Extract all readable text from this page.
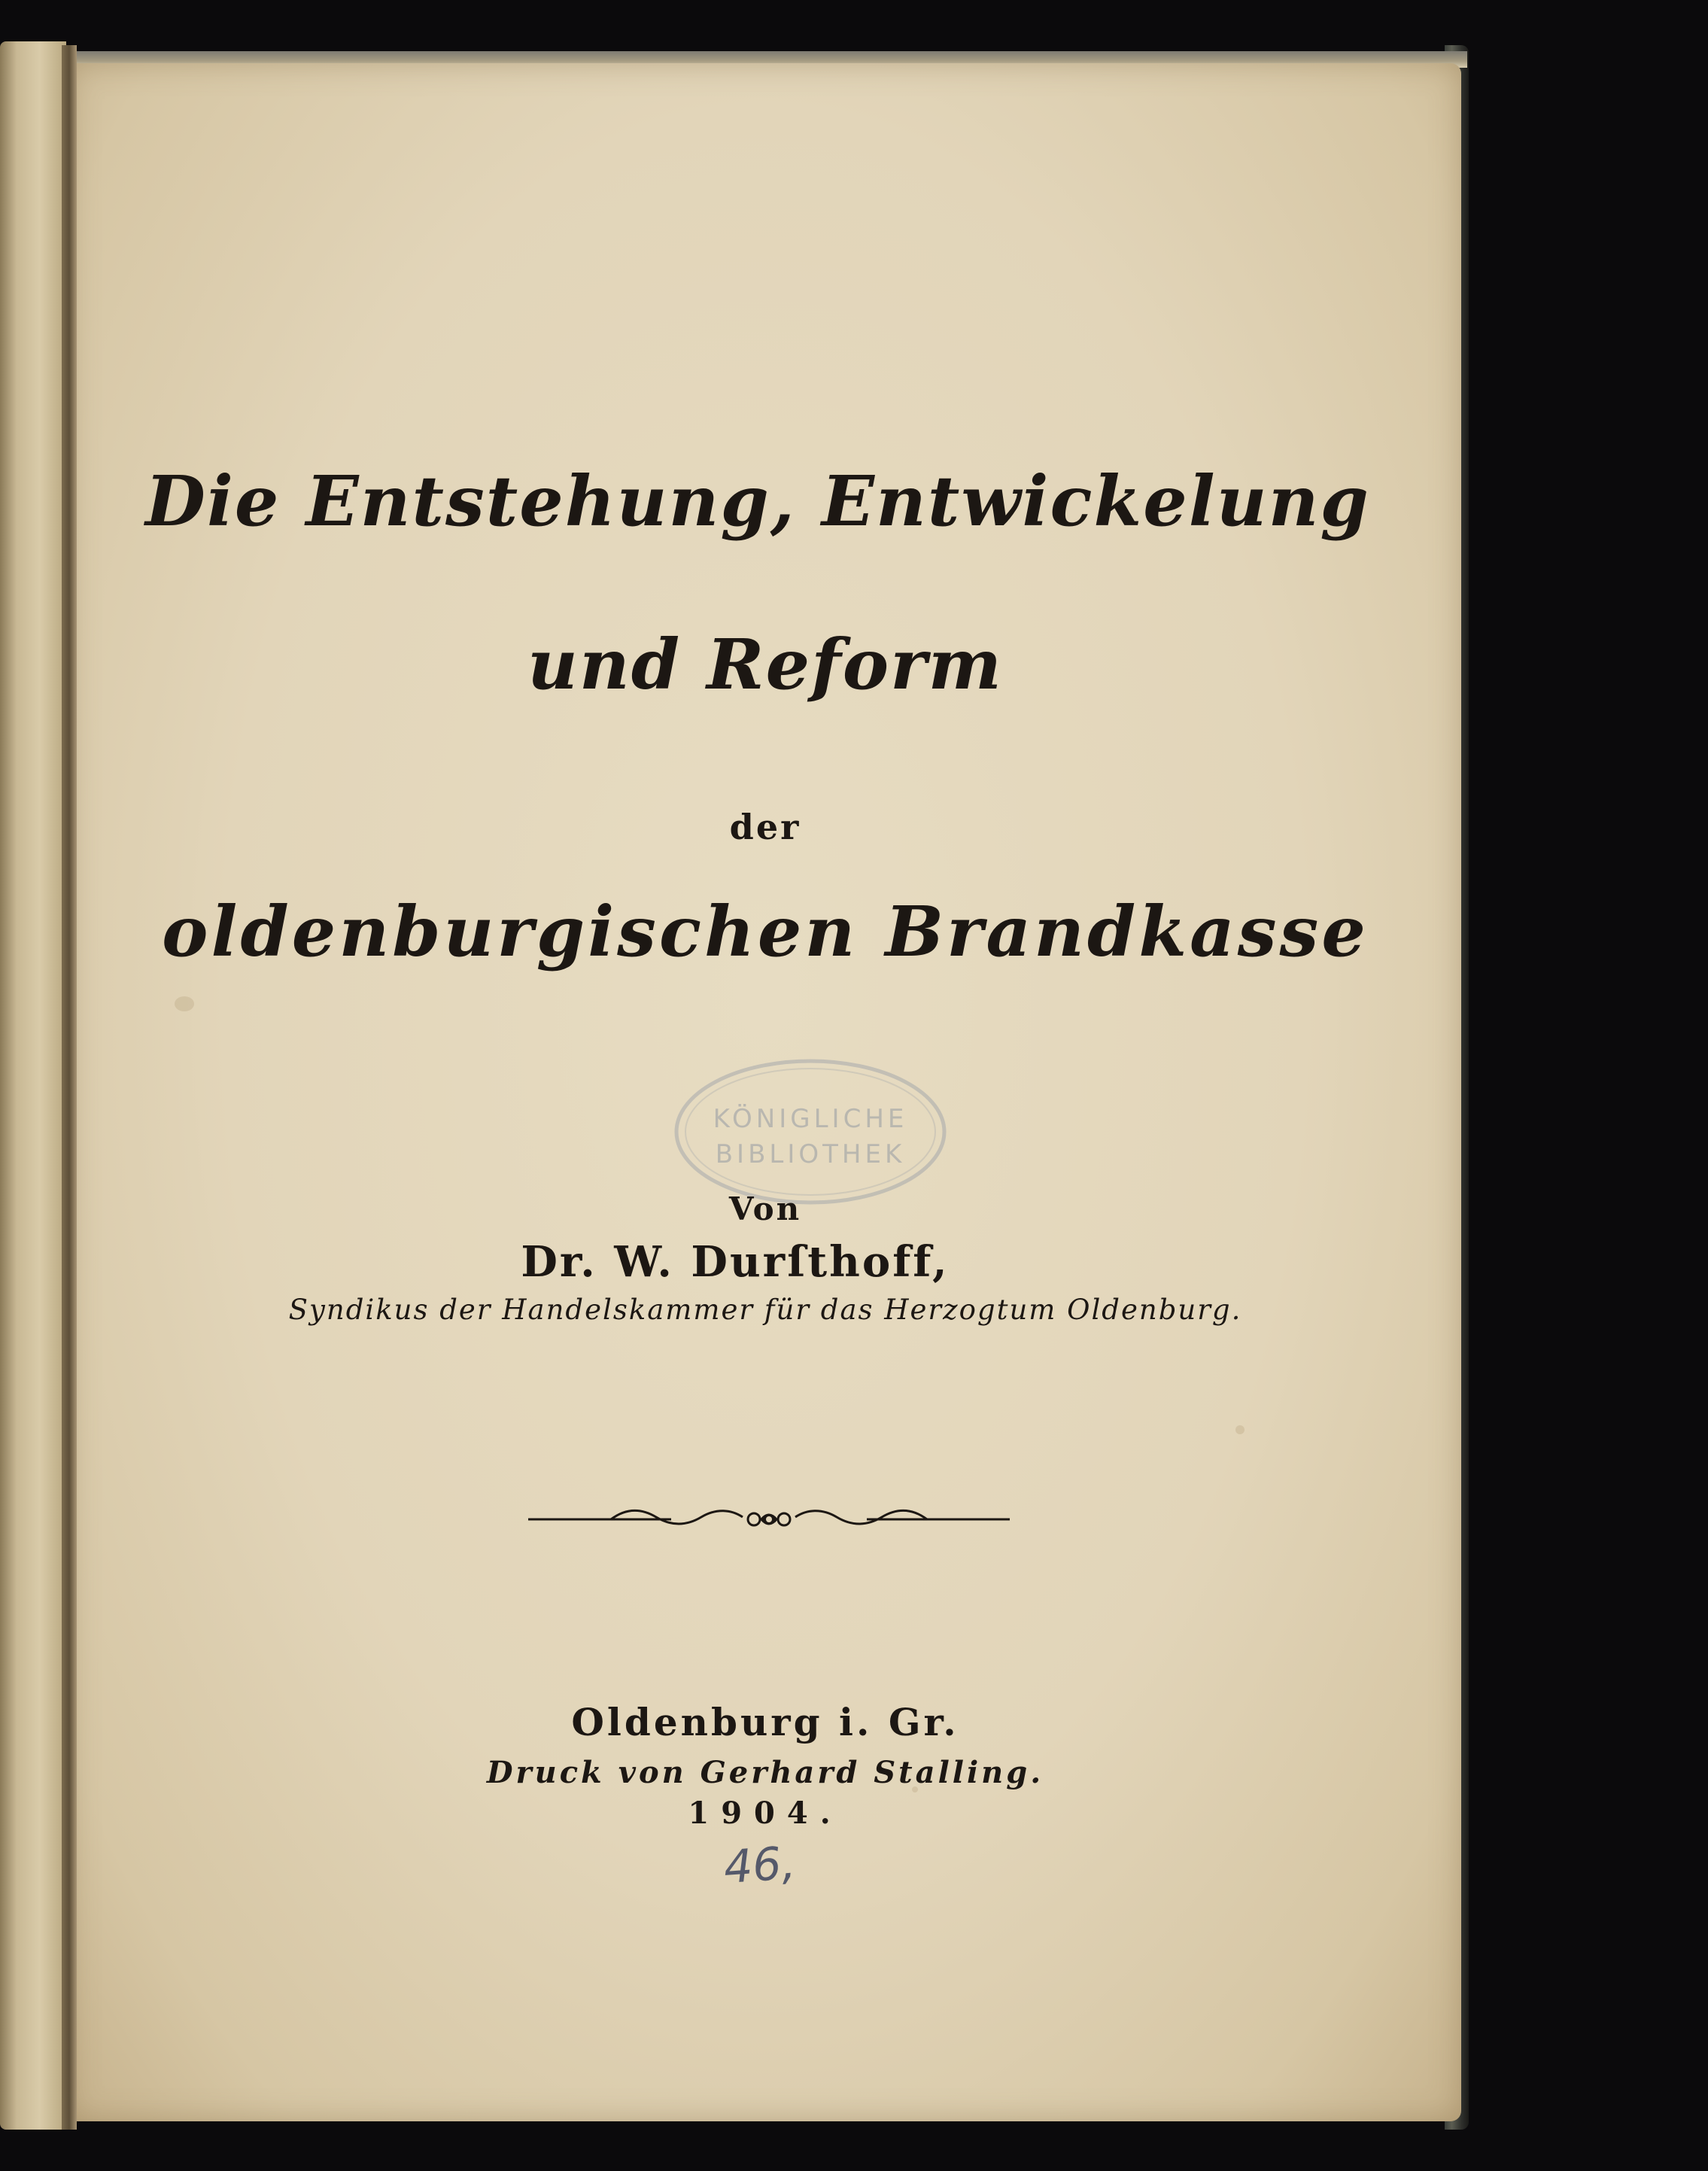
Die Entstehung, Entwickelung
und Reform
der
oldenburgischen Brandkasse
KÖNIGLICHE
BIBLIOTHEK
Von
Dr. W. Durſthoff,
Syndikus der Handelskammer für das Herzogtum Oldenburg.
Oldenburg i. Gr.
Druck von Gerhard Stalling.
1904.
46,
